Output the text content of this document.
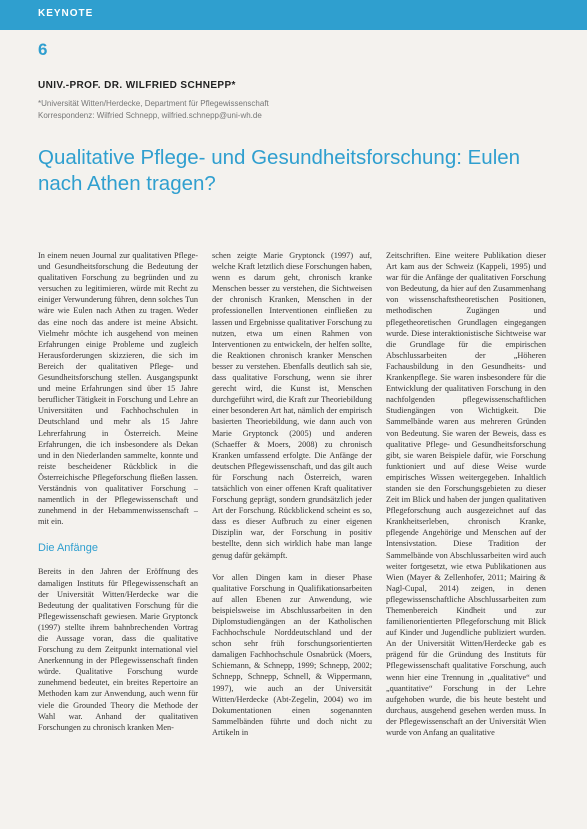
KEYNOTE
6
UNIV.-PROF. DR. WILFRIED SCHNEPP*
*Universität Witten/Herdecke, Department für Pflegewissenschaft
Korrespondenz: Wilfried Schnepp, wilfried.schnepp@uni-wh.de
Qualitative Pflege- und Gesundheitsforschung: Eulen nach Athen tragen?

In einem neuen Journal zur qualitativen Pflege- und Gesundheitsforschung die Bedeutung der qualitativen Forschung zu begründen und zu versuchen zu legitimieren, würde mit Recht zu einiger Verwunderung führen, denn solches Tun wäre wie Eulen nach Athen zu tragen. Weder das eine noch das andere ist meine Absicht. Vielmehr möchte ich ausgehend von meinen Erfahrungen einige Probleme und zugleich Herausforderungen skizzieren, die sich im Bereich der qualitativen Pflege- und Gesundheitsforschung stellen. Ausgangspunkt und meine Erfahrungen sind über 15 Jahre beruflicher Tätigkeit in Forschung und Lehre an Universitäten und Fachhochschulen in Deutschland und mehr als 15 Jahre Lehrerfahrung in Österreich. Meine Erfahrungen, die ich insbesondere als Dekan und in den Niederlanden sammelte, konnte und reiste bescheidener Rückblick in die Österreichische Pflegeforschung fließen lassen. Verständnis von qualitativer Forschung – namentlich in der Pflegewissenschaft und zunehmend in der Hebammenwissenschaft – mit ein.

Die Anfänge

Bereits in den Jahren der Eröffnung des damaligen Instituts für Pflegewissenschaft an der Universität Witten/Herdecke war die Bedeutung der qualitativen Forschung für die Pflegewissenschaft gewiesen. Marie Gryptonck (1997) stellte ihrem bahnbrechenden Vortrag die Aussage voran, dass die qualitative Forschung zu dem Zeitpunkt international viel Anerkennung in der Pflegewissenschaft finden würde. Qualitative Forschung wurde zunehmend bedeutet, ein breites Repertoire an Methoden kam zur Anwendung, auch wenn für viele die Grounded Theory die Methode der Wahl war. Anhand der qualitativen Forschungen zu chronisch kranken Men-

schen zeigte Marie Gryptonck (1997) auf, welche Kraft letztlich diese Forschungen haben, wenn es darum geht, chronisch kranke Menschen besser zu verstehen, die Sichtweisen der chronisch Kranken, Menschen in der professionellen Interventionen einfließen zu lassen und Ergebnisse qualitativer Forschung zu nutzen, etwa um einen Rahmen von Interventionen zu entwickeln, der helfen sollte, die Reaktionen chronisch kranker Menschen besser zu verstehen. Ebenfalls deutlich sah sie, dass qualitative Forschung, wenn sie ihrer gerecht wird, die Kunst ist, Menschen durchgeführt wird, die Kraft zur Theoriebildung einer besonderen Art hat, nämlich der empirisch basierten Theoriebildung, wie dann auch von Marie Gryptonck (2005) und anderen (Schaeffer & Moers, 2008) zu chronisch Kranken umfassend erfolgte. Die Anfänge der deutschen Pflegewissenschaft, und das gilt auch für Forschung nach Österreich, waren tatsächlich von einer offenen Kraft qualitativer Forschung geprägt, sondern grundsätzlich jeder Art der Forschung. Rückblickend scheint es so, dass es dieser Aufbruch zu einer eigenen Disziplin war, der Forschung in positiv bestellte, denn sich wirklich habe man lange genug dafür gekämpft.

Vor allen Dingen kam in dieser Phase qualitative Forschung in Qualifikationsarbeiten auf allen Ebenen zur Anwendung, wie beispielsweise im Abschlussarbeiten in den Diplomstudiengängen an der Katholischen Fachhochschule Norddeutschland und der schon sehr früh forschungsorientierten damaligen Fachhochschule Osnabrück (Moers, Schiemann, & Schnepp, 1999; Schnepp, 2002; Schnepp, Schnepp, Schnell, & Wippermann, 1997), wie auch an der Universität Witten/Herdecke (Abt-Zegelin, 2004) wo im Dokumentationen einen sogenannten Sammelbänden führte und doch nicht zu Artikeln in

Zeitschriften. Eine weitere Publikation dieser Art kam aus der Schweiz (Kappeli, 1995) und war für die Anfänge der qualitativen Forschung von Bedeutung, da hier auf den Zusammenhang von wissenschaftstheoretischen Positionen, methodischen Zugängen und pflegetheoretischen Grundlagen eingegangen wurde. Diese interaktionistische Sichtweise war die Grundlage für die empirischen Abschlussarbeiten der „Höheren Fachausbildung in den Gesundheits- und Krankenpflege. Sie waren insbesondere für die Entwicklung der qualitativen Forschung in den nachfolgenden pflegewissenschaftlichen Studiengängen von Wichtigkeit. Die Sammelbände waren aus mehreren Gründen von Bedeutung. Sie waren der Beweis, dass es qualitative Pflege- und Gesundheitsforschung gibt, sie waren Beispiele dafür, wie Forschung funktioniert und auf diese Weise wurde empirisches Wissen weitergegeben. Inhaltlich standen sie den Forschungsgebieten zu dieser Zeit im Blick und haben der jungen qualitativen Pflegeforschung auch ausgezeichnet auf das Krankheitserleben, chronisch Kranke, pflegende Angehörige und Menschen auf der Intensivstation. Diese Tradition der Sammelbände von Abschlussarbeiten wird auch weiter fortgesetzt, wie etwa Publikationen aus Wien (Mayer & Zellenhofer, 2011; Mairing & Nagl-Cupal, 2014) zeigen, in denen pflegewissenschaftliche Abschlussarbeiten zum Themenbereich Kindheit und zur familienorientierten Pflegeforschung mit Blick auf Kinder und Jugendliche publiziert wurden. An der Universität Witten/Herdecke gab es prägend für die Gründung des Instituts für Pflegewissenschaft qualitative Forschung, auch wenn hier eine Trennung in „qualitative“ und „quantitative“ Forschung in der Lehre aufgehoben wurde, die bis heute besteht und durchaus, ausgehend gesehen werden muss. In der Pflegewissenschaft an der Universität Wien wurde von Anfang an qualitative
